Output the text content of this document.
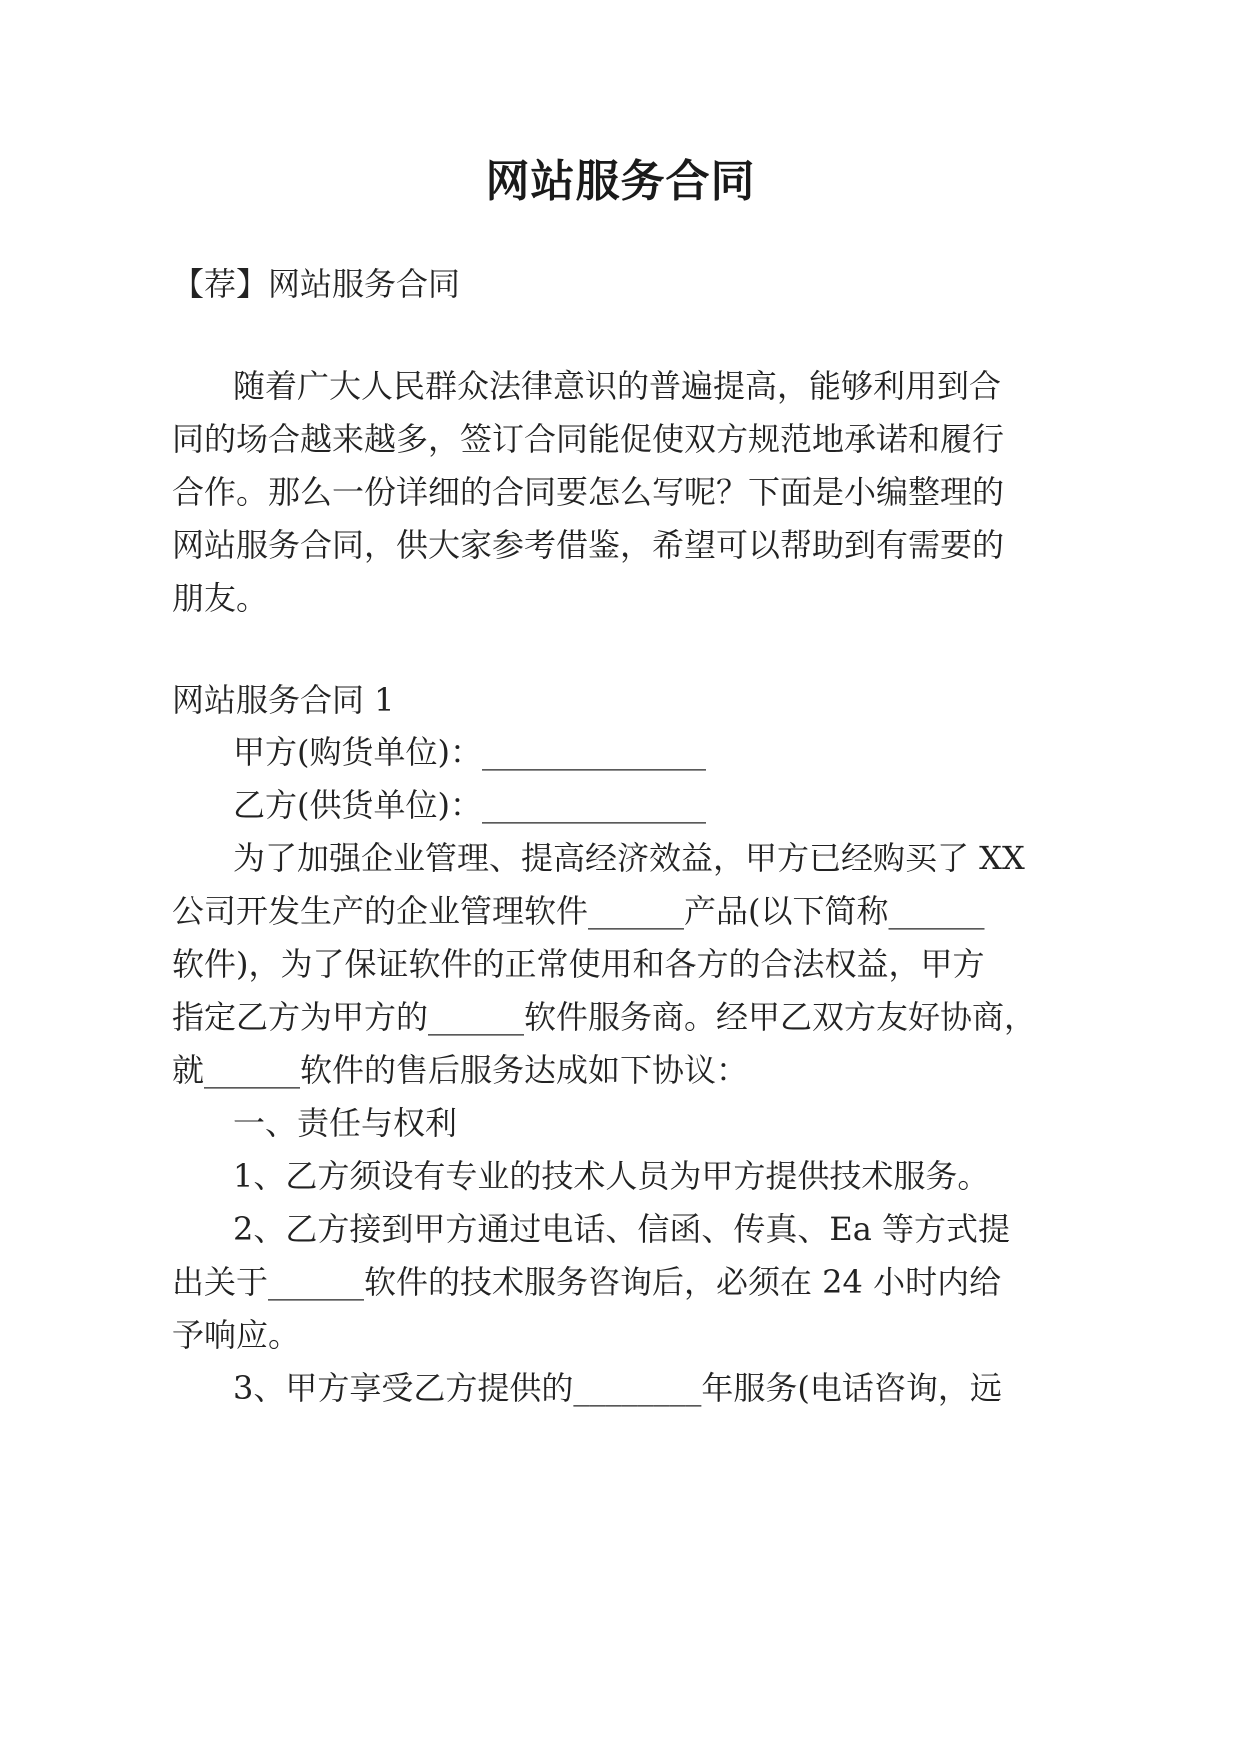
网站服务合同
【荐】网站服务合同
随着广大人民群众法律意识的普遍提高，能够利用到合
同的场合越来越多，签订合同能促使双方规范地承诺和履行
合作。那么一份详细的合同要怎么写呢？下面是小编整理的
网站服务合同，供大家参考借鉴，希望可以帮助到有需要的
朋友。
网站服务合同 1
甲方(购货单位)：______________
乙方(供货单位)：______________
为了加强企业管理、提高经济效益，甲方已经购买了 XX
公司开发生产的企业管理软件______产品(以下简称______
软件)，为了保证软件的正常使用和各方的合法权益，甲方
指定乙方为甲方的______软件服务商。经甲乙双方友好协商，
就______软件的售后服务达成如下协议：
一、责任与权利
1、乙方须设有专业的技术人员为甲方提供技术服务。
2、乙方接到甲方通过电话、信函、传真、Ea 等方式提
出关于______软件的技术服务咨询后，必须在 24 小时内给
予响应。
3、甲方享受乙方提供的________年服务(电话咨询，远
